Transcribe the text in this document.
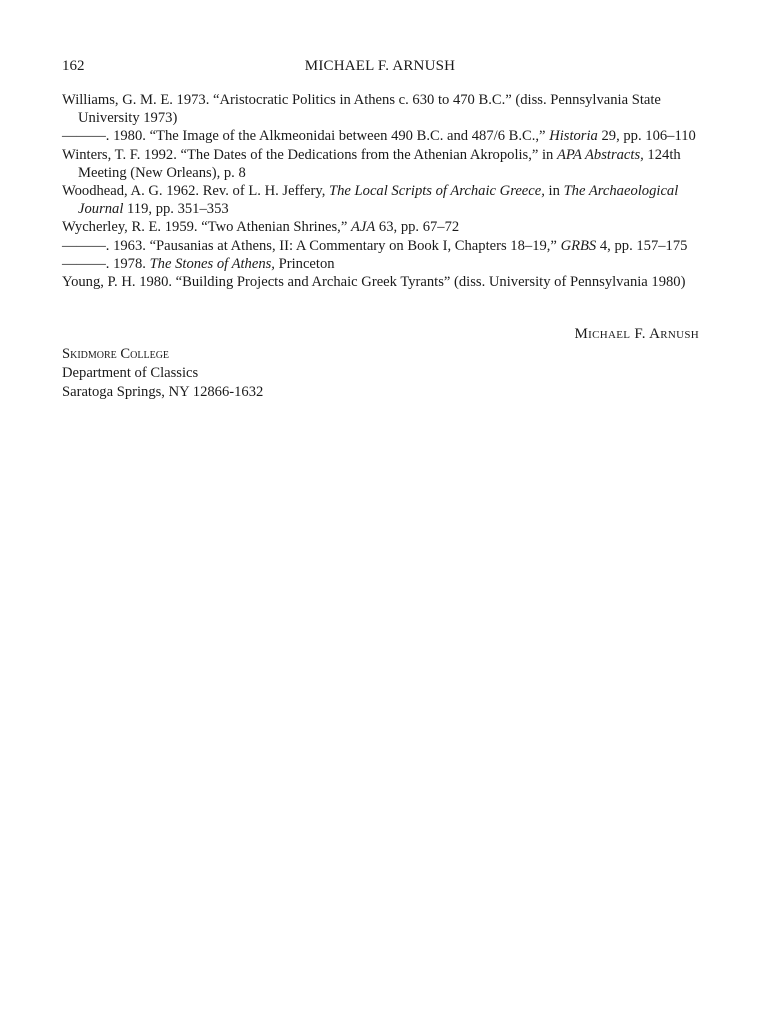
162	MICHAEL F. ARNUSH

Williams, G. M. E. 1973. “Aristocratic Politics in Athens c. 630 to 470 B.C.” (diss. Pennsylvania State University 1973)

———. 1980. “The Image of the Alkmeonidai between 490 B.C. and 487/6 B.C.,” Historia 29, pp. 106–110

Winters, T. F. 1992. “The Dates of the Dedications from the Athenian Akropolis,” in APA Abstracts, 124th Meeting (New Orleans), p. 8

Woodhead, A. G. 1962. Rev. of L. H. Jeffery, The Local Scripts of Archaic Greece, in The Archaeological Journal 119, pp. 351–353

Wycherley, R. E. 1959. “Two Athenian Shrines,” AJA 63, pp. 67–72

———. 1963. “Pausanias at Athens, II: A Commentary on Book I, Chapters 18–19,” GRBS 4, pp. 157–175

———. 1978. The Stones of Athens, Princeton

Young, P. H. 1980. “Building Projects and Archaic Greek Tyrants” (diss. University of Pennsylvania 1980)

Michael F. Arnush
Skidmore College
Department of Classics
Saratoga Springs, NY 12866-1632
